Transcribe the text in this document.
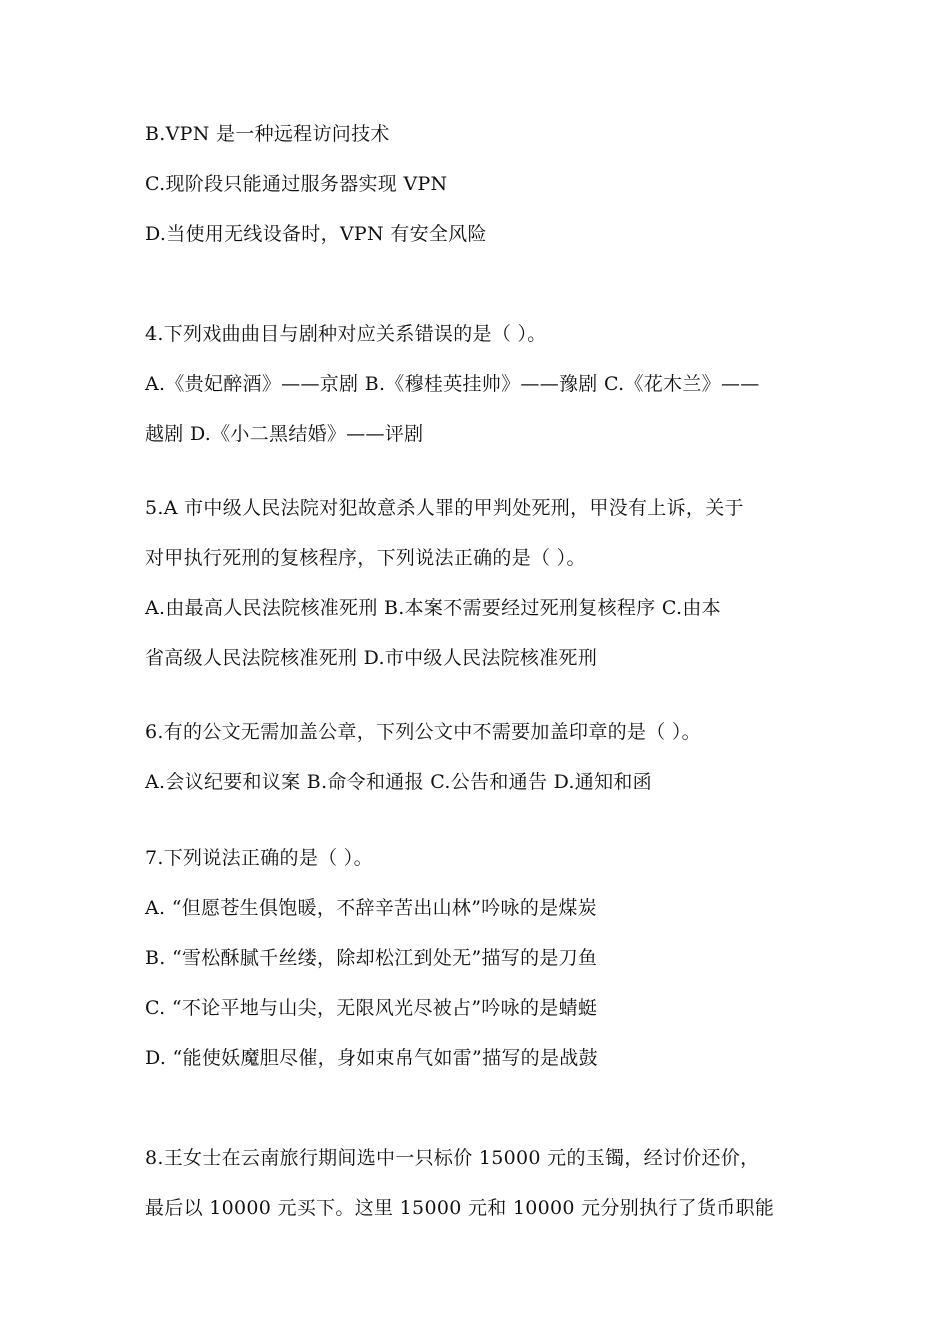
B.VPN 是一种远程访问技术
C.现阶段只能通过服务器实现 VPN
D.当使用无线设备时，VPN 有安全风险
4.下列戏曲曲目与剧种对应关系错误的是（ ）。
A.《贵妃醉酒》——京剧 B.《穆桂英挂帅》——豫剧 C.《花木兰》——
越剧 D.《小二黑结婚》——评剧
5.A 市中级人民法院对犯故意杀人罪的甲判处死刑，甲没有上诉，关于
对甲执行死刑的复核程序，下列说法正确的是（ ）。
A.由最高人民法院核准死刑 B.本案不需要经过死刑复核程序 C.由本
省高级人民法院核准死刑 D.市中级人民法院核准死刑
6.有的公文无需加盖公章，下列公文中不需要加盖印章的是（ ）。
A.会议纪要和议案 B.命令和通报 C.公告和通告 D.通知和函
7.下列说法正确的是（ ）。
A. “但愿苍生俱饱暖，不辞辛苦出山林”吟咏的是煤炭
B. “雪松酥腻千丝缕，除却松江到处无”描写的是刀鱼
C. “不论平地与山尖，无限风光尽被占”吟咏的是蜻蜓
D. “能使妖魔胆尽催，身如束帛气如雷”描写的是战鼓
8.王女士在云南旅行期间选中一只标价 15000 元的玉镯，经讨价还价，
最后以 10000 元买下。这里 15000 元和 10000 元分别执行了货币职能
